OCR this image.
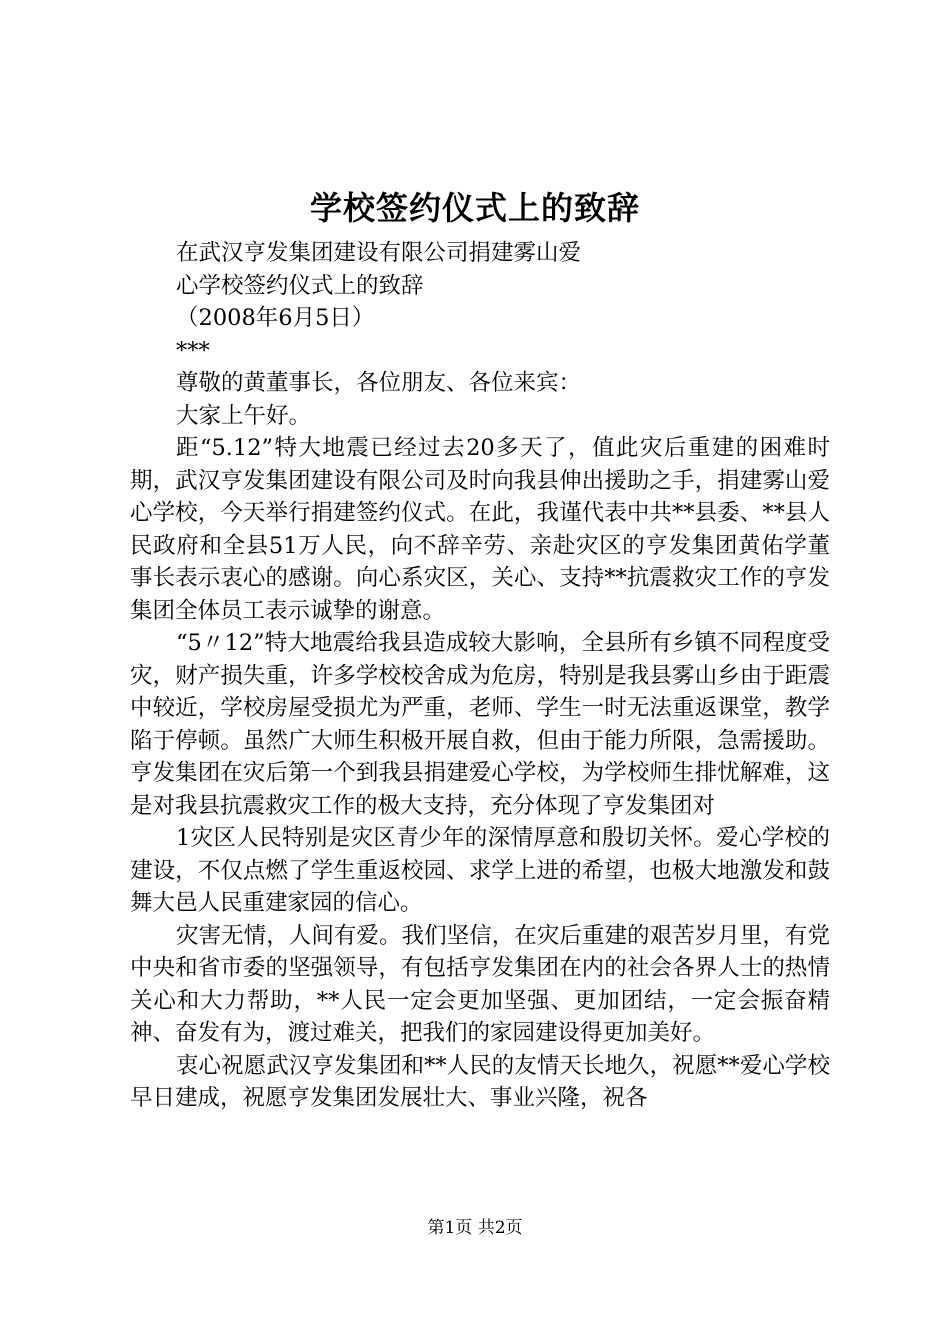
学校签约仪式上的致辞
在武汉亨发集团建设有限公司捐建雾山爱
心学校签约仪式上的致辞
（2008年6月5日）
***
尊敬的黄董事长，各位朋友、各位来宾：
大家上午好。

距“5.12”特大地震已经过去20多天了，值此灾后重建的困难时期，武汉亨发集团建设有限公司及时向我县伸出援助之手，捐建雾山爱心学校，今天举行捐建签约仪式。在此，我谨代表中共**县委、**县人民政府和全县51万人民，向不辞辛劳、亲赴灾区的亨发集团黄佑学董事长表示衷心的感谢。向心系灾区，关心、支持**抗震救灾工作的亨发集团全体员工表示诚挚的谢意。

“5〃12”特大地震给我县造成较大影响，全县所有乡镇不同程度受灾，财产损失重，许多学校校舍成为危房，特别是我县雾山乡由于距震中较近，学校房屋受损尤为严重，老师、学生一时无法重返课堂，教学陷于停顿。虽然广大师生积极开展自救，但由于能力所限，急需援助。亨发集团在灾后第一个到我县捐建爱心学校，为学校师生排忧解难，这是对我县抗震救灾工作的极大支持，充分体现了亨发集团对

1灾区人民特别是灾区青少年的深情厚意和殷切关怀。爱心学校的建设，不仅点燃了学生重返校园、求学上进的希望，也极大地激发和鼓舞大邑人民重建家园的信心。

灾害无情，人间有爱。我们坚信，在灾后重建的艰苦岁月里，有党中央和省市委的坚强领导，有包括亨发集团在内的社会各界人士的热情关心和大力帮助，**人民一定会更加坚强、更加团结，一定会振奋精神、奋发有为，渡过难关，把我们的家园建设得更加美好。

衷心祝愿武汉亨发集团和**人民的友情天长地久，祝愿**爱心学校早日建成，祝愿亨发集团发展壮大、事业兴隆，祝各

第1页 共2页
